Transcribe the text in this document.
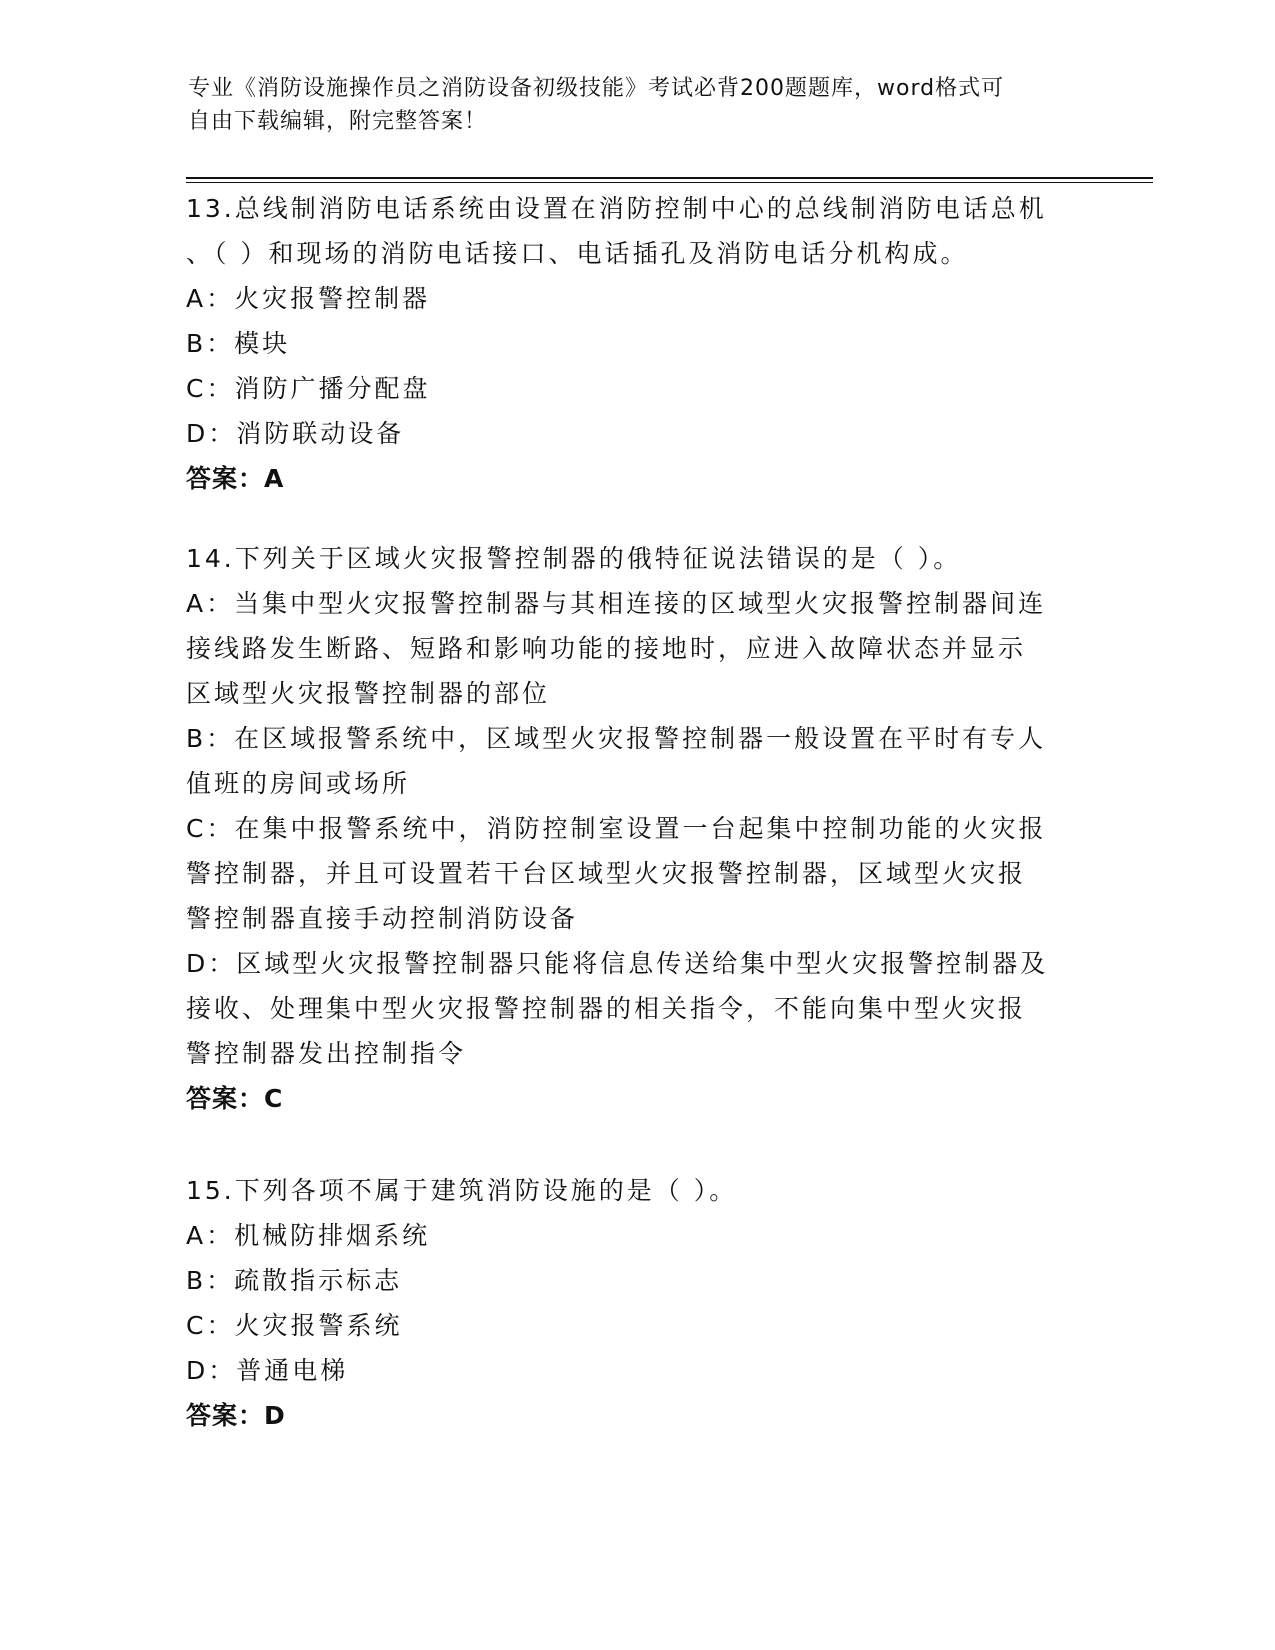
专业《消防设施操作员之消防设备初级技能》考试必背200题题库，word格式可
自由下载编辑，附完整答案！
13.总线制消防电话系统由设置在消防控制中心的总线制消防电话总机
、（ ）和现场的消防电话接口、电话插孔及消防电话分机构成。
A：火灾报警控制器
B：模块
C：消防广播分配盘
D：消防联动设备
答案：A
14.下列关于区域火灾报警控制器的俄特征说法错误的是（ ）。
A：当集中型火灾报警控制器与其相连接的区域型火灾报警控制器间连
接线路发生断路、短路和影响功能的接地时，应进入故障状态并显示
区域型火灾报警控制器的部位
B：在区域报警系统中，区域型火灾报警控制器一般设置在平时有专人
值班的房间或场所
C：在集中报警系统中，消防控制室设置一台起集中控制功能的火灾报
警控制器，并且可设置若干台区域型火灾报警控制器，区域型火灾报
警控制器直接手动控制消防设备
D：区域型火灾报警控制器只能将信息传送给集中型火灾报警控制器及
接收、处理集中型火灾报警控制器的相关指令，不能向集中型火灾报
警控制器发出控制指令
答案：C
15.下列各项不属于建筑消防设施的是（ ）。
A：机械防排烟系统
B：疏散指示标志
C：火灾报警系统
D：普通电梯
答案：D
